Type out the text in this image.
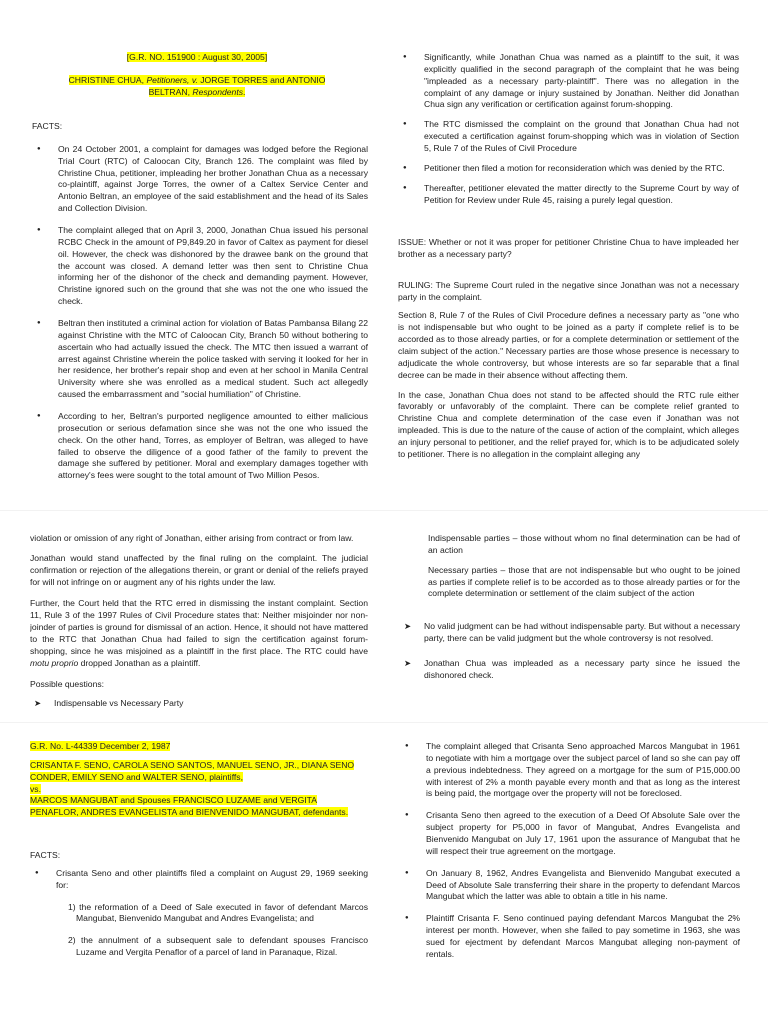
[G.R. NO. 151900 : August 30, 2005]
CHRISTINE CHUA, Petitioners, v. JORGE TORRES and ANTONIO BELTRAN, Respondents.

FACTS:

● On 24 October 2001, a complaint for damages was lodged before the Regional Trial Court (RTC) of Caloocan City, Branch 126. The complaint was filed by Christine Chua, petitioner, impleading her brother Jonathan Chua as a necessary co-plaintiff, against Jorge Torres, the owner of a Caltex Service Center and Antonio Beltran, an employee of the said establishment and the head of its Sales and Collection Division.
● The complaint alleged that on April 3, 2000, Jonathan Chua issued his personal RCBC Check in the amount of P9,849.20 in favor of Caltex as payment for diesel oil. However, the check was dishonored by the drawee bank on the ground that the account was closed. A demand letter was then sent to Christine Chua informing her of the dishonor of the check and demanding payment. However, Christine ignored such on the ground that she was not the one who issued the check.
● Beltran then instituted a criminal action for violation of Batas Pambansa Bilang 22 against Christine with the MTC of Caloocan City, Branch 50 without bothering to ascertain who had actually issued the check. The MTC then issued a warrant of arrest against Christine wherein the police tasked with serving it looked for her in her residence, her brother's repair shop and even at her school in Manila Central University where she was enrolled as a medical student. Such act allegedly caused the embarrassment and "social humiliation" of Christine.
● According to her, Beltran's purported negligence amounted to either malicious prosecution or serious defamation since she was not the one who issued the check. On the other hand, Torres, as employer of Beltran, was alleged to have failed to observe the diligence of a good father of the family to prevent the damage she suffered by petitioner. Moral and exemplary damages together with attorney's fees were sought to the total amount of Two Million Pesos.
● Significantly, while Jonathan Chua was named as a plaintiff to the suit, it was explicitly qualified in the second paragraph of the complaint that he was being "impleaded as a necessary party-plaintiff". There was no allegation in the complaint of any damage or injury sustained by Jonathan. Neither did Jonathan Chua sign any verification or certification against forum-shopping.
● The RTC dismissed the complaint on the ground that Jonathan Chua had not executed a certification against forum-shopping which was in violation of Section 5, Rule 7 of the Rules of Civil Procedure
● Petitioner then filed a motion for reconsideration which was denied by the RTC.
● Thereafter, petitioner elevated the matter directly to the Supreme Court by way of Petition for Review under Rule 45, raising a purely legal question.

ISSUE: Whether or not it was proper for petitioner Christine Chua to have impleaded her brother as a necessary party?

RULING: The Supreme Court ruled in the negative since Jonathan was not a necessary party in the complaint.

Section 8, Rule 7 of the Rules of Civil Procedure defines a necessary party as "one who is not indispensable but who ought to be joined as a party if complete relief is to be accorded as to those already parties, or for a complete determination or settlement of the claim subject of the action." Necessary parties are those whose presence is necessary to adjudicate the whole controversy, but whose interests are so far separable that a final decree can be made in their absence without affecting them.

In the case, Jonathan Chua does not stand to be affected should the RTC rule either favorably or unfavorably of the complaint. There can be complete relief granted to Christine Chua and complete determination of the case even if Jonathan was not impleaded. This is due to the nature of the cause of action of the complaint, which alleges an injury personal to petitioner, and the relief prayed for, which is to be adjudicated solely to petitioner. There is no allegation in the complaint alleging any

violation or omission of any right of Jonathan, either arising from contract or from law.

Jonathan would stand unaffected by the final ruling on the complaint. The judicial confirmation or rejection of the allegations therein, or grant or denial of the reliefs prayed for will not infringe on or augment any of his rights under the law.

Further, the Court held that the RTC erred in dismissing the instant complaint. Section 11, Rule 3 of the 1997 Rules of Civil Procedure states that: Neither misjoinder nor non-joinder of parties is ground for dismissal of an action. Hence, it should not have mattered to the RTC that Jonathan Chua had failed to sign the certification against forum-shopping, since he was misjoined as a plaintiff in the first place. The RTC could have motu proprio dropped Jonathan as a plaintiff.

Possible questions:

➤ Indispensable vs Necessary Party

Indispensable parties – those without whom no final determination can be had of an action

Necessary parties – those that are not indispensable but who ought to be joined as parties if complete relief is to be accorded as to those already parties or for the complete determination or settlement of the claim subject of the action

➤ No valid judgment can be had without indispensable party. But without a necessary party, there can be valid judgment but the whole controversy is not resolved.
➤ Jonathan Chua was impleaded as a necessary party since he issued the dishonored check.

G.R. No. L-44339 December 2, 1987

CRISANTA F. SENO, CAROLA SENO SANTOS, MANUEL SENO, JR., DIANA SENO CONDER, EMILY SENO and WALTER SENO, plaintiffs,

vs.

MARCOS MANGUBAT and Spouses FRANCISCO LUZAME and VERGITA PENAFLOR, ANDRES EVANGELISTA and BIENVENIDO MANGUBAT, defendants.

FACTS:

● Crisanta Seno and other plaintiffs filed a complaint on August 29, 1969 seeking for:

1) the reformation of a Deed of Sale executed in favor of defendant Marcos Mangubat, Bienvenido Mangubat and Andres Evangelista; and

2) the annulment of a subsequent sale to defendant spouses Francisco Luzame and Vergita Penaflor of a parcel of land in Paranaque, Rizal.

● The complaint alleged that Crisanta Seno approached Marcos Mangubat in 1961 to negotiate with him a mortgage over the subject parcel of land so she can pay off a previous indebtedness. They agreed on a mortgage for the sum of P15,000.00 with interest of 2% a month payable every month and that as long as the interest is being paid, the mortgage over the property will not be foreclosed.
● Crisanta Seno then agreed to the execution of a Deed Of Absolute Sale over the subject property for P5,000 in favor of Mangubat, Andres Evangelista and Bienvenido Mangubat on July 17, 1961 upon the assurance of Mangubat that he will respect their true agreement on the mortgage.
● On January 8, 1962, Andres Evangelista and Bienvenido Mangubat executed a Deed of Absolute Sale transferring their share in the property to defendant Marcos Mangubat which the latter was able to obtain a title in his name.
● Plaintiff Crisanta F. Seno continued paying defendant Marcos Mangubat the 2% interest per month. However, when she failed to pay sometime in 1963, she was sued for ejectment by defendant Marcos Mangubat alleging non-payment of rentals.
